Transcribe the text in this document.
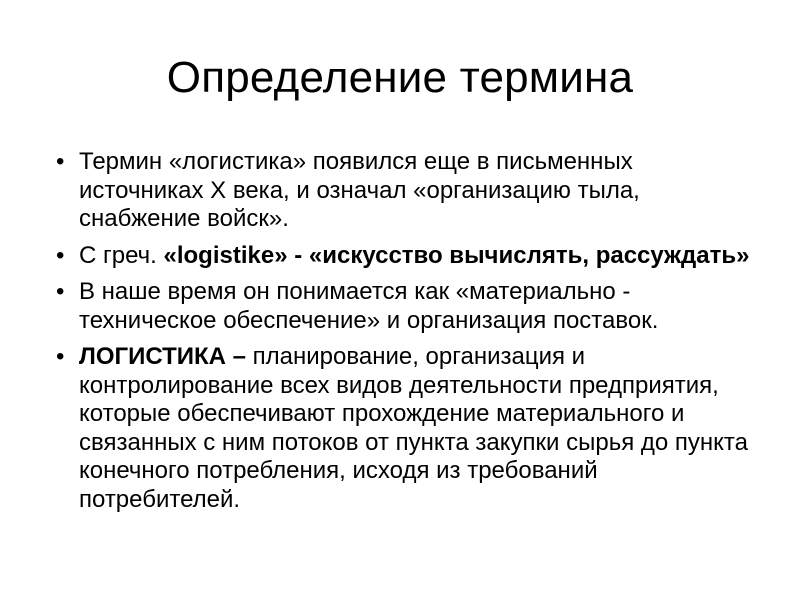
Определение термина
• Термин «логистика» появился еще в письменных источниках X века, и означал «организацию тыла, снабжение войск».
• С греч. «logistike» - «искусство вычислять, рассуждать»
• В наше время он понимается как «материально - техническое обеспечение» и организация поставок.
• ЛОГИСТИКА – планирование, организация и контролирование всех видов деятельности предприятия, которые обеспечивают прохождение материального и связанных с ним потоков от пункта закупки сырья до пункта конечного потребления, исходя из требований потребителей.
